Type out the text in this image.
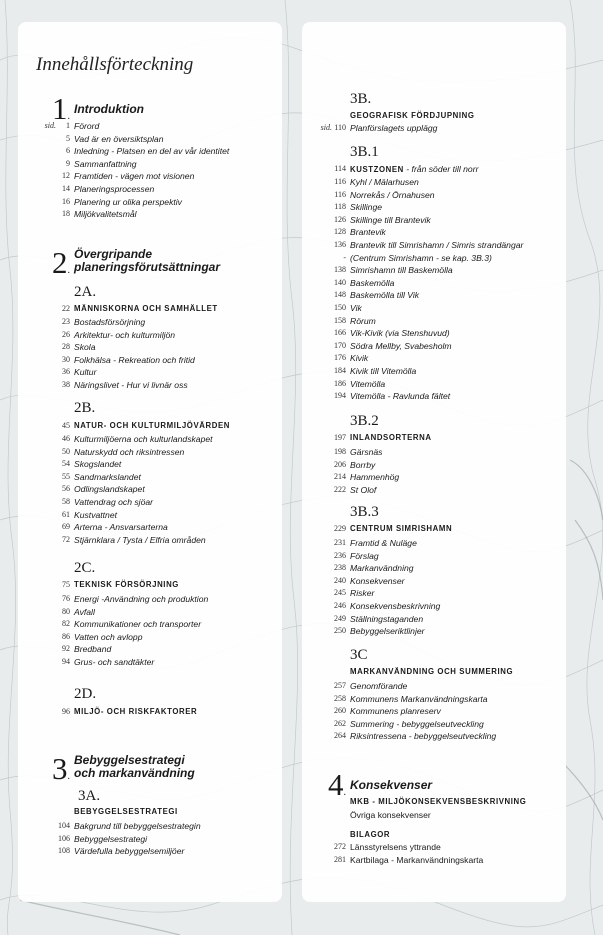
Innehållsförteckning
1.
Introduktion
2.
Övergripande
planeringsförutsättningar
2A.
2B.
2C.
2D.
3.
Bebyggelsestrategi
och markanvändning
3A.
3B.
3B.1
3B.2
3B.3
3C
4.
Konsekvenser
sid.	1 Förord
5 Vad är en översiktsplan
6 Inledning - Platsen en del av vår identitet
9 Sammanfattning
12 Framtiden - vägen mot visionen
14 Planeringsprocessen
16 Planering ur olika perspektiv
18 Miljökvalitetsmål
22 MÄNNISKORNA OCH SAMHÄLLET
23 Bostadsförsörjning
26 Arkitektur- och kulturmiljön
28 Skola
30 Folkhälsa - Rekreation och fritid
36 Kultur
38 Näringslivet - Hur vi livnär oss
45 NATUR- OCH KULTURMILJÖVÄRDEN
46 Kulturmiljöerna och kulturlandskapet
50 Naturskydd och riksintressen
54 Skogslandet
55 Sandmarkslandet
56 Odlingslandskapet
58 Vattendrag och sjöar
61 Kustvattnet
69 Arterna - Ansvarsarterna
72 Stjärnklara / Tysta / Elfria områden
75 TEKNISK FÖRSÖRJNING
76 Energi -Användning och produktion
80 Avfall
82 Kommunikationer och transporter
86 Vatten och avlopp
92 Bredband
94 Grus- och sandtäkter
96 MILJÖ- OCH RISKFAKTORER
BEBYGGELSESTRATEGI
104 Bakgrund till bebyggelsestrategin
106 Bebyggelsestrategi
108 Värdefulla bebyggelsemiljöer
GEOGRAFISK FÖRDJUPNING
sid. 110 Planförslagets upplägg
114 KUSTZONEN - från söder till norr
116 Kyhl / Mälarhusen
116 Norrekås / Örnahusen
118 Skillinge
126 Skillinge till Brantevik
128 Brantevik
136 Brantevik till Simrishamn / Simris strandängar
- (Centrum Simrishamn - se kap. 3B.3)
138 Simrishamn till Baskemölla
140 Baskemölla
148 Baskemölla till Vik
150 Vik
158 Rörum
166 Vik-Kivik (via Stenshuvud)
170 Södra Mellby, Svabesholm
176 Kivik
184 Kivik till Vitemölla
186 Vitemölla
194 Vitemölla - Ravlunda fältet
197 INLANDSORTERNA
198 Gärsnäs
206 Borrby
214 Hammenhög
222 St Olof
229 CENTRUM SIMRISHAMN
231 Framtid & Nuläge
236 Förslag
238 Markanvändning
240 Konsekvenser
245 Risker
246 Konsekvensbeskrivning
249 Ställningstaganden
250 Bebyggelseriktlinjer
MARKANVÄNDNING OCH SUMMERING
257 Genomförande
258 Kommunens Markanvändningskarta
260 Kommunens planreserv
262 Summering - bebyggelseutveckling
264 Riksintressena - bebyggelseutveckling
MKB - MILJÖKONSEKVENSBESKRIVNING
Övriga konsekvenser
BILAGOR
272 Länsstyrelsens yttrande
281 Kartbilaga - Markanvändningskarta
